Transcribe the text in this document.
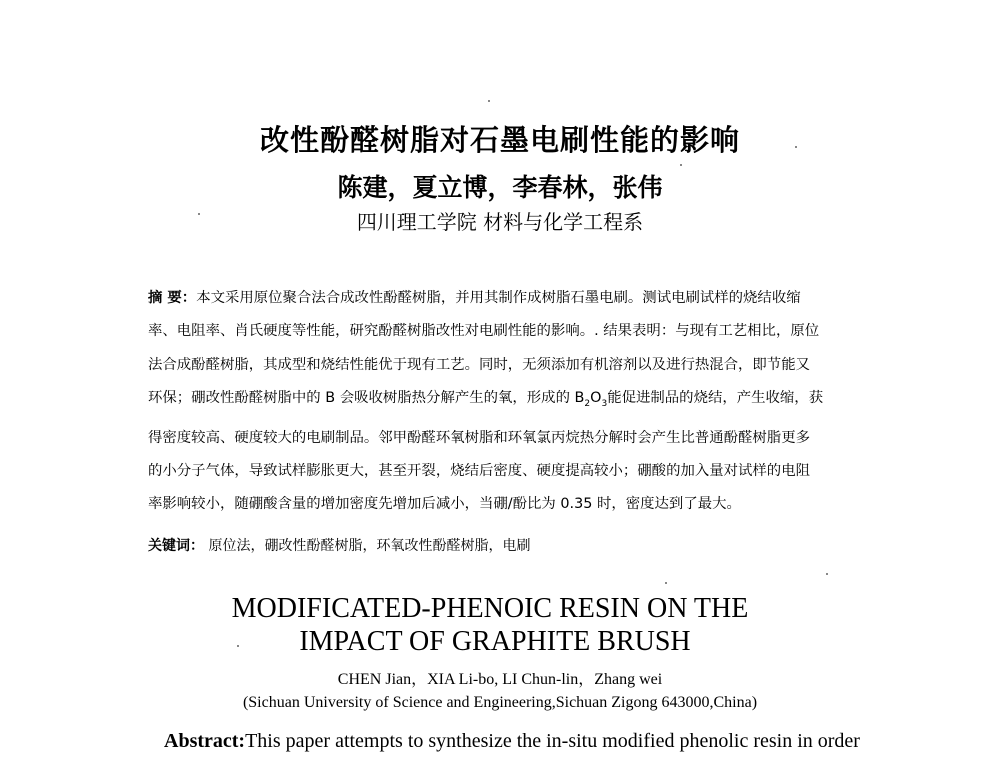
改性酚醛树脂对石墨电刷性能的影响
陈建，夏立博，李春林，张伟
四川理工学院 材料与化学工程系
摘 要：本文采用原位聚合法合成改性酚醛树脂，并用其制作成树脂石墨电刷。测试电刷试样的烧结收缩
率、电阻率、肖氏硬度等性能，研究酚醛树脂改性对电刷性能的影响。. 结果表明：与现有工艺相比，原位
法合成酚醛树脂，其成型和烧结性能优于现有工艺。同时，无须添加有机溶剂以及进行热混合，即节能又
环保；硼改性酚醛树脂中的 B 会吸收树脂热分解产生的氧，形成的 $B_2O_3$能促进制品的烧结，产生收缩，获
得密度较高、硬度较大的电刷制品。邻甲酚醛环氧树脂和环氧氯丙烷热分解时会产生比普通酚醛树脂更多
的小分子气体，导致试样膨胀更大，甚至开裂，烧结后密度、硬度提高较小；硼酸的加入量对试样的电阻
率影响较小，随硼酸含量的增加密度先增加后减小，当硼/酚比为 0.35 时，密度达到了最大。
关键词： 原位法，硼改性酚醛树脂，环氧改性酚醛树脂，电刷
MODIFICATED-PHENOIC RESIN ON THE
IMPACT OF GRAPHITE BRUSH
CHEN Jian，XIA Li-bo, LI Chun-lin，Zhang wei
(Sichuan University of Science and Engineering,Sichuan Zigong 643000,China)
Abstract:This paper attempts to synthesize the in-situ modified phenolic resin in order
